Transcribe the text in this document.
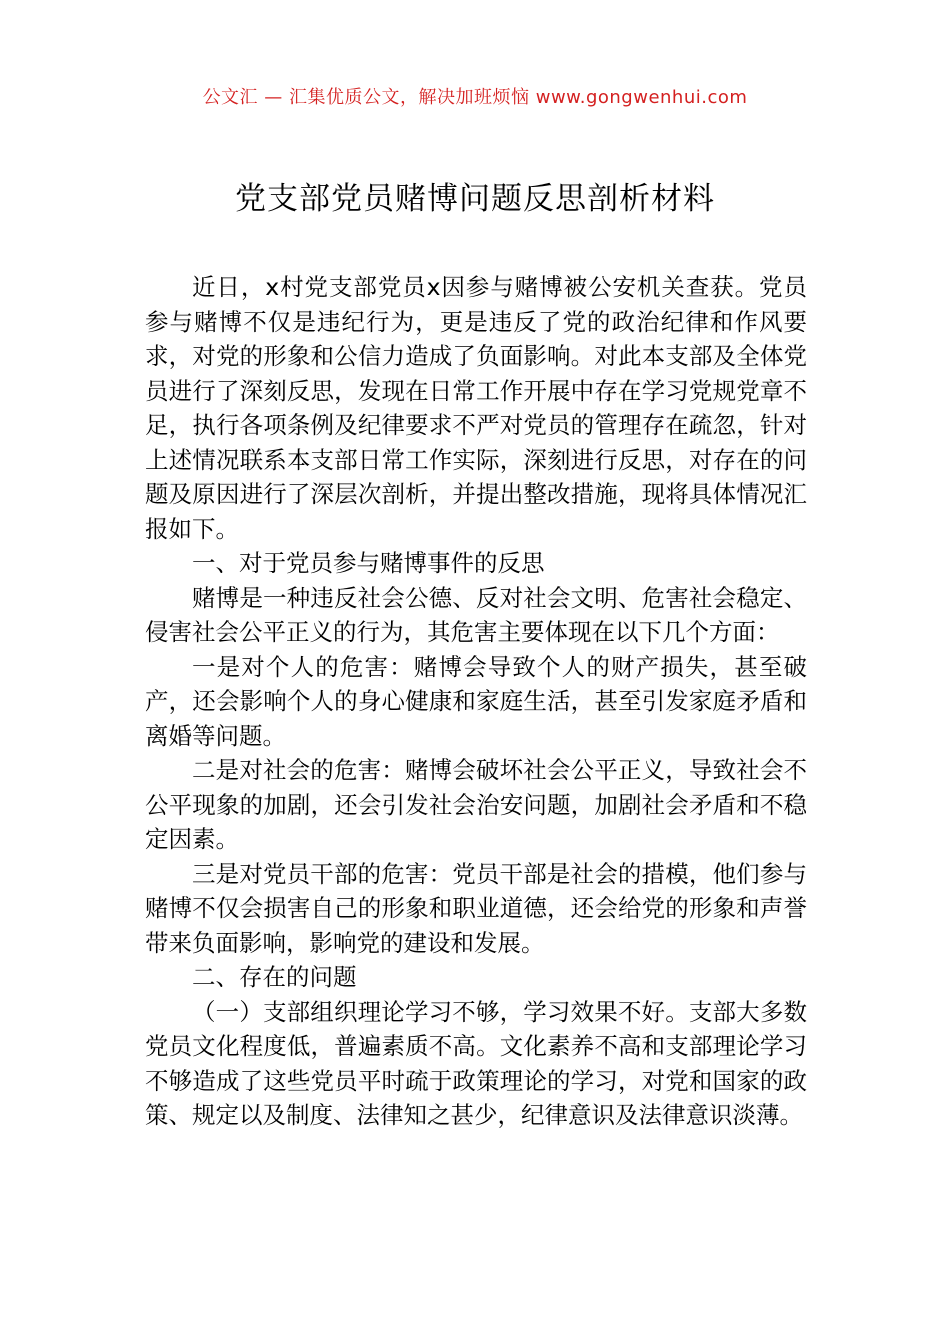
公文汇 — 汇集优质公文，解决加班烦恼 www.gongwenhui.com
党支部党员赌博问题反思剖析材料

近日，x村党支部党员x因参与赌博被公安机关查获。党员参与赌博不仅是违纪行为，更是违反了党的政治纪律和作风要求，对党的形象和公信力造成了负面影响。对此本支部及全体党员进行了深刻反思，发现在日常工作开展中存在学习党规党章不足，执行各项条例及纪律要求不严对党员的管理存在疏忽，针对上述情况联系本支部日常工作实际，深刻进行反思，对存在的问题及原因进行了深层次剖析，并提出整改措施，现将具体情况汇报如下。

一、对于党员参与赌博事件的反思

赌博是一种违反社会公德、反对社会文明、危害社会稳定、侵害社会公平正义的行为，其危害主要体现在以下几个方面：

一是对个人的危害：赌博会导致个人的财产损失，甚至破产，还会影响个人的身心健康和家庭生活，甚至引发家庭矛盾和离婚等问题。

二是对社会的危害：赌博会破坏社会公平正义，导致社会不公平现象的加剧，还会引发社会治安问题，加剧社会矛盾和不稳定因素。

三是对党员干部的危害：党员干部是社会的措模，他们参与赌博不仅会损害自己的形象和职业道德，还会给党的形象和声誉带来负面影响，影响党的建设和发展。

二、存在的问题

（一）支部组织理论学习不够，学习效果不好。支部大多数党员文化程度低，普遍素质不高。文化素养不高和支部理论学习不够造成了这些党员平时疏于政策理论的学习，对党和国家的政策、规定以及制度、法律知之甚少，纪律意识及法律意识淡薄。
